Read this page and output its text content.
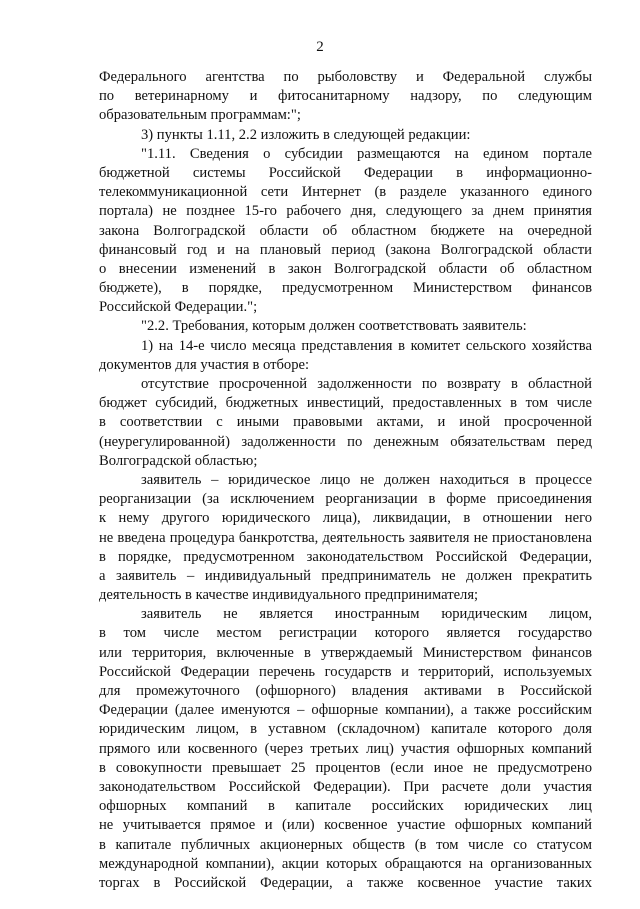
2
Федерального агентства по рыболовству и Федеральной службы
по ветеринарному и фитосанитарному надзору, по следующим
образовательным программам:";
3) пункты 1.11, 2.2 изложить в следующей редакции:
"1.11. Сведения о субсидии размещаются на едином портале
бюджетной системы Российской Федерации в информационно-
телекоммуникационной сети Интернет (в разделе указанного единого
портала) не позднее 15-го рабочего дня, следующего за днем принятия
закона Волгоградской области об областном бюджете на очередной
финансовый год и на плановый период (закона Волгоградской области
о внесении изменений в закон Волгоградской области об областном
бюджете), в порядке, предусмотренном Министерством финансов
Российской Федерации.";
"2.2. Требования, которым должен соответствовать заявитель:
1) на 14-е число месяца представления в комитет сельского хозяйства
документов для участия в отборе:
отсутствие просроченной задолженности по возврату в областной
бюджет субсидий, бюджетных инвестиций, предоставленных в том числе
в соответствии с иными правовыми актами, и иной просроченной
(неурегулированной) задолженности по денежным обязательствам перед
Волгоградской областью;
заявитель – юридическое лицо не должен находиться в процессе
реорганизации (за исключением реорганизации в форме присоединения
к нему другого юридического лица), ликвидации, в отношении него
не введена процедура банкротства, деятельность заявителя не приостановлена
в порядке, предусмотренном законодательством Российской Федерации,
а заявитель – индивидуальный предприниматель не должен прекратить
деятельность в качестве индивидуального предпринимателя;
заявитель не является иностранным юридическим лицом,
в том числе местом регистрации которого является государство
или территория, включенные в утверждаемый Министерством финансов
Российской Федерации перечень государств и территорий, используемых
для промежуточного (офшорного) владения активами в Российской
Федерации (далее именуются – офшорные компании), а также российским
юридическим лицом, в уставном (складочном) капитале которого доля
прямого или косвенного (через третьих лиц) участия офшорных компаний
в совокупности превышает 25 процентов (если иное не предусмотрено
законодательством Российской Федерации). При расчете доли участия
офшорных компаний в капитале российских юридических лиц
не учитывается прямое и (или) косвенное участие офшорных компаний
в капитале публичных акционерных обществ (в том числе со статусом
международной компании), акции которых обращаются на организованных
торгах в Российской Федерации, а также косвенное участие таких
